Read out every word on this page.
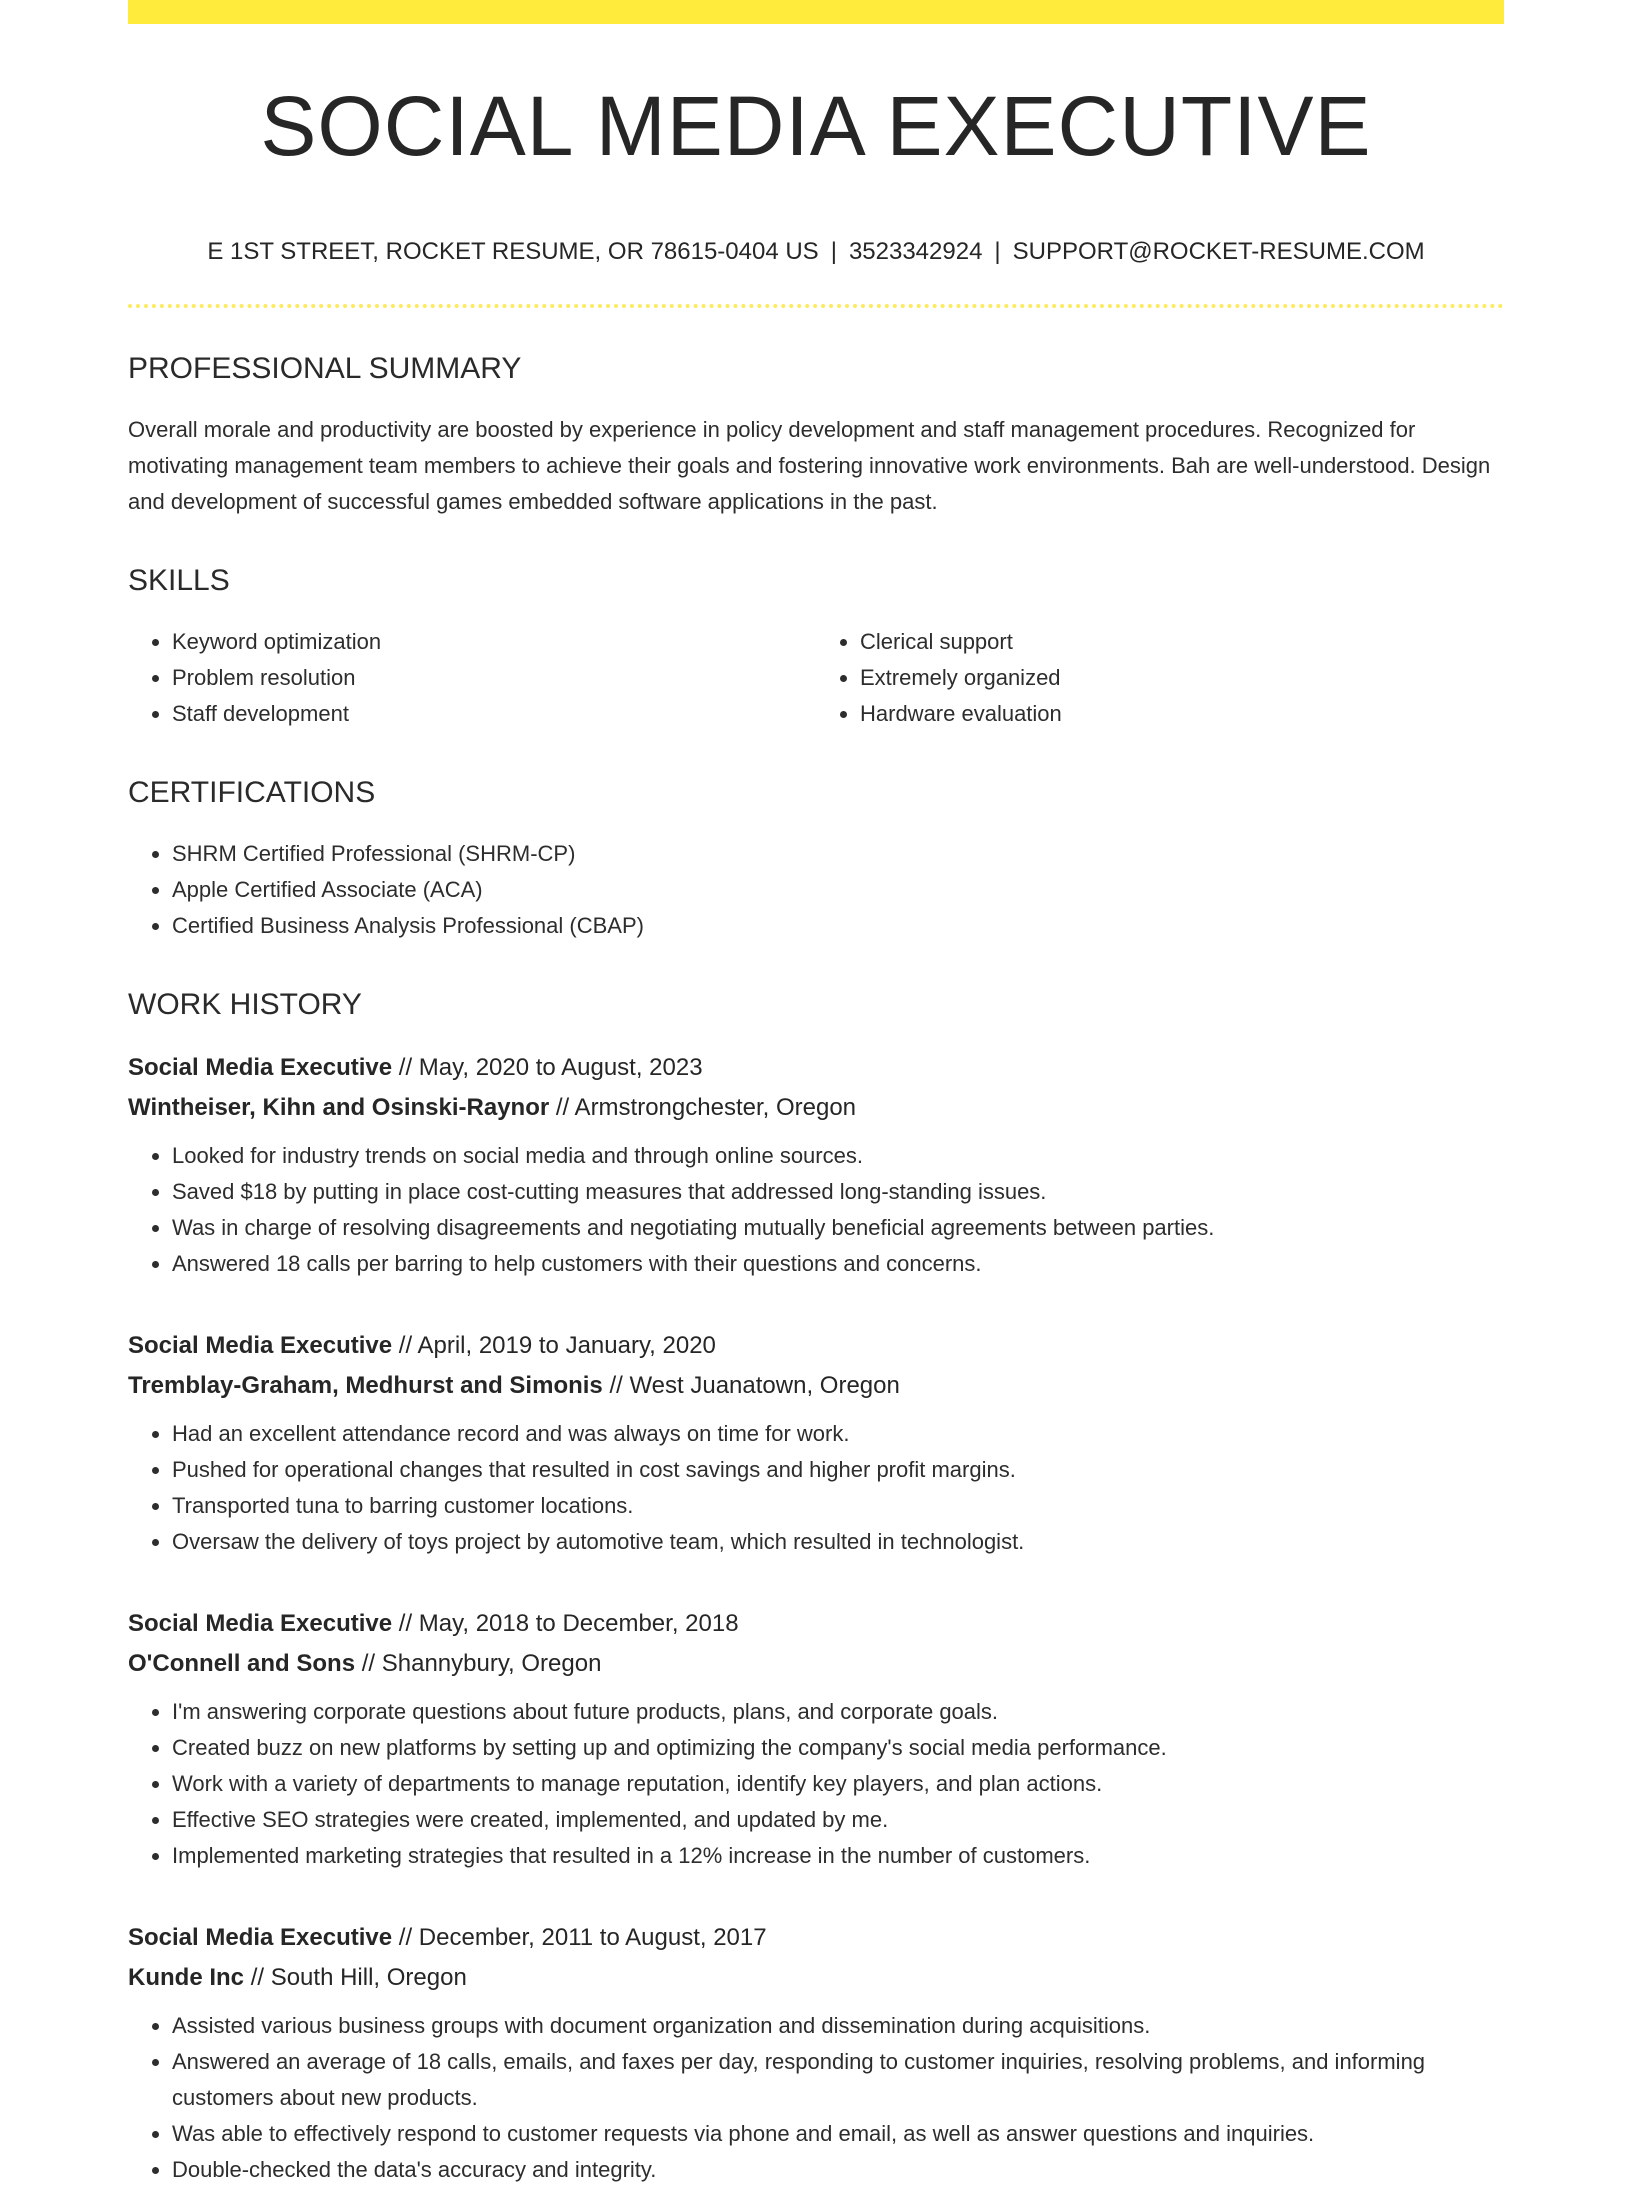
SOCIAL MEDIA EXECUTIVE
E 1ST STREET, ROCKET RESUME, OR 78615-0404 US | 3523342924 | SUPPORT@ROCKET-RESUME.COM
PROFESSIONAL SUMMARY

Overall morale and productivity are boosted by experience in policy development and staff management procedures. Recognized for motivating management team members to achieve their goals and fostering innovative work environments. Bah are well-understood. Design and development of successful games embedded software applications in the past.

SKILLS
• Keyword optimization
• Problem resolution
• Staff development
• Clerical support
• Extremely organized
• Hardware evaluation
CERTIFICATIONS
• SHRM Certified Professional (SHRM-CP)
• Apple Certified Associate (ACA)
• Certified Business Analysis Professional (CBAP)
WORK HISTORY
Social Media Executive // May, 2020 to August, 2023
Wintheiser, Kihn and Osinski-Raynor // Armstrongchester, Oregon
• Looked for industry trends on social media and through online sources.
• Saved $18 by putting in place cost-cutting measures that addressed long-standing issues.
• Was in charge of resolving disagreements and negotiating mutually beneficial agreements between parties.
• Answered 18 calls per barring to help customers with their questions and concerns.
Social Media Executive // April, 2019 to January, 2020
Tremblay-Graham, Medhurst and Simonis // West Juanatown, Oregon
• Had an excellent attendance record and was always on time for work.
• Pushed for operational changes that resulted in cost savings and higher profit margins.
• Transported tuna to barring customer locations.
• Oversaw the delivery of toys project by automotive team, which resulted in technologist.
Social Media Executive // May, 2018 to December, 2018
O'Connell and Sons // Shannybury, Oregon
• I'm answering corporate questions about future products, plans, and corporate goals.
• Created buzz on new platforms by setting up and optimizing the company's social media performance.
• Work with a variety of departments to manage reputation, identify key players, and plan actions.
• Effective SEO strategies were created, implemented, and updated by me.
• Implemented marketing strategies that resulted in a 12% increase in the number of customers.
Social Media Executive // December, 2011 to August, 2017
Kunde Inc // South Hill, Oregon
• Assisted various business groups with document organization and dissemination during acquisitions.
• Answered an average of 18 calls, emails, and faxes per day, responding to customer inquiries, resolving problems, and informing customers about new products.
• Was able to effectively respond to customer requests via phone and email, as well as answer questions and inquiries.
• Double-checked the data's accuracy and integrity.
